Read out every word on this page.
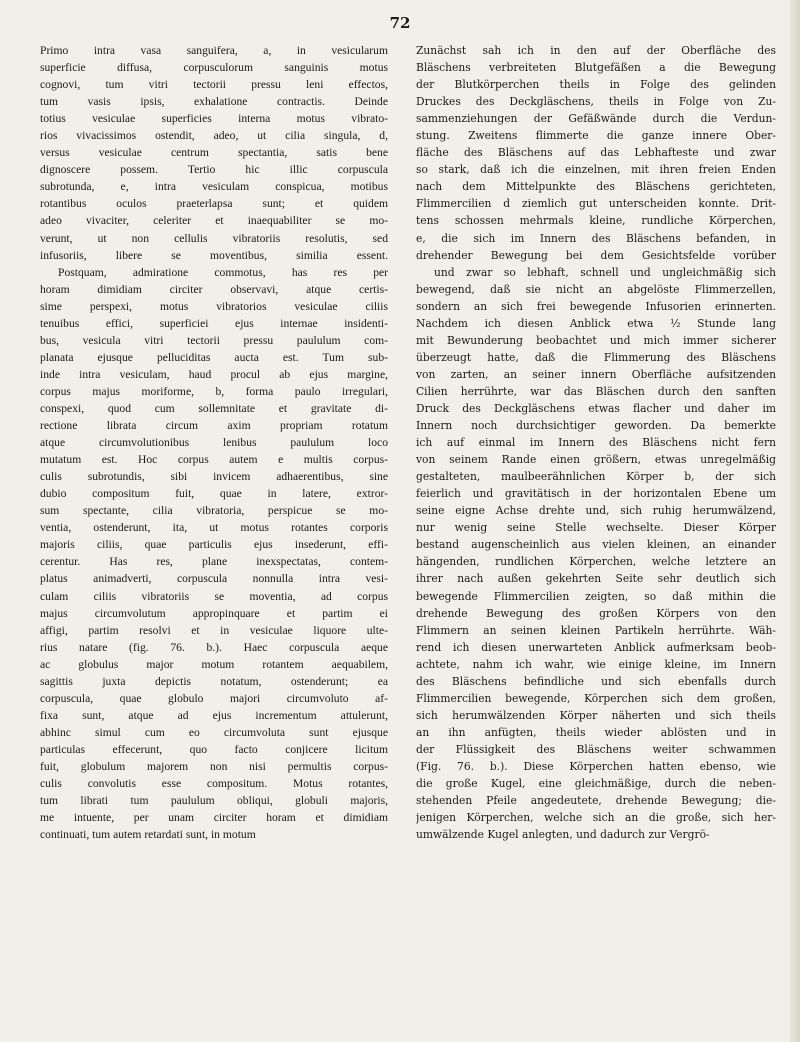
72
Primo intra vasa sanguifera, a, in vesicularum
superficie diffusa, corpusculorum sanguinis motus
cognovi, tum vitri tectorii pressu leni effectos,
tum vasis ipsis, exhalatione contractis. Deinde
totius vesiculae superficies interna motus vibrato-
rios vivacissimos ostendit, adeo, ut cilia singula, d,
versus vesiculae centrum spectantia, satis bene
dignoscere possem. Tertio hic illic corpuscula
subrotunda, e, intra vesiculam conspicua, motibus
rotantibus oculos praeterlapsa sunt; et quidem
adeo vivaciter, celeriter et inaequabiliter se mo-
verunt, ut non cellulis vibratoriis resolutis, sed
infusoriis, libere se moventibus, similia essent.
Postquam, admiratione commotus, has res per
horam dimidiam circiter observavi, atque certis-
sime perspexi, motus vibratorios vesiculae ciliis
tenuibus effici, superficiei ejus internae insidenti-
bus, vesicula vitri tectorii pressu paululum com-
planata ejusque pelluciditas aucta est. Tum sub-
inde intra vesiculam, haud procul ab ejus margine,
corpus majus moriforme, b, forma paulo irregulari,
conspexi, quod cum sollemnitate et gravitate di-
rectione librata circum axim propriam rotatum
atque circumvolutionibus lenibus paululum loco
mutatum est. Hoc corpus autem e multis corpus-
culis subrotundis, sibi invicem adhaerentibus, sine
dubio compositum fuit, quae in latere, extror-
sum spectante, cilia vibratoria, perspicue se mo-
ventia, ostenderunt, ita, ut motus rotantes corporis
majoris ciliis, quae particulis ejus insederunt, effi-
cerentur. Has res, plane inexspectatas, contem-
platus animadverti, corpuscula nonnulla intra vesi-
culam ciliis vibratoriis se moventia, ad corpus
majus circumvolutum appropinquare et partim ei
affigi, partim resolvi et in vesiculae liquore ulte-
rius natare (fig. 76. b.). Haec corpuscula aeque
ac globulus major motum rotantem aequabilem,
sagittis juxta depictis notatum, ostenderunt; ea
corpuscula, quae globulo majori circumvoluto af-
fixa sunt, atque ad ejus incrementum attulerunt,
abhinc simul cum eo circumvoluta sunt ejusque
particulas effecerunt, quo facto conjicere licitum
fuit, globulum majorem non nisi permultis corpus-
culis convolutis esse compositum. Motus rotantes,
tum librati tum paululum obliqui, globuli majoris,
me intuente, per unam circiter horam et dimidiam
continuati, tum autem retardati sunt, in motum
Zunächst sah ich in den auf der Oberfläche des
Bläschens verbreiteten Blutgefäßen a die Bewegung
der Blutkörperchen theils in Folge des gelinden
Druckes des Deckgläschens, theils in Folge von Zu-
sammenziehungen der Gefäßwände durch die Verdun-
stung. Zweitens flimmerte die ganze innere Ober-
fläche des Bläschens auf das Lebhafteste und zwar
so stark, daß ich die einzelnen, mit ihren freien Enden
nach dem Mittelpunkte des Bläschens gerichteten,
Flimmercilien d ziemlich gut unterscheiden konnte. Drit-
tens schossen mehrmals kleine, rundliche Körperchen,
e, die sich im Innern des Bläschens befanden, in
drehender Bewegung bei dem Gesichtsfelde vorüber
und zwar so lebhaft, schnell und ungleichmäßig sich
bewegend, daß sie nicht an abgelöste Flimmerzellen,
sondern an sich frei bewegende Infusorien erinnerten.
Nachdem ich diesen Anblick etwa ½ Stunde lang
mit Bewunderung beobachtet und mich immer sicherer
überzeugt hatte, daß die Flimmerung des Bläschens
von zarten, an seiner innern Oberfläche aufsitzenden
Cilien herrührte, war das Bläschen durch den sanften
Druck des Deckgläschens etwas flacher und daher im
Innern noch durchsichtiger geworden. Da bemerkte
ich auf einmal im Innern des Bläschens nicht fern
von seinem Rande einen größern, etwas unregelmäßig
gestalteten, maulbeerähnlichen Körper b, der sich
feierlich und gravitätisch in der horizontalen Ebene um
seine eigne Achse drehte und, sich ruhig herumwälzend,
nur wenig seine Stelle wechselte. Dieser Körper
bestand augenscheinlich aus vielen kleinen, an einander
hängenden, rundlichen Körperchen, welche letztere an
ihrer nach außen gekehrten Seite sehr deutlich sich
bewegende Flimmercilien zeigten, so daß mithin die
drehende Bewegung des großen Körpers von den
Flimmern an seinen kleinen Partikeln herrührte. Wäh-
rend ich diesen unerwarteten Anblick aufmerksam beob-
achtete, nahm ich wahr, wie einige kleine, im Innern
des Bläschens befindliche und sich ebenfalls durch
Flimmercilien bewegende, Körperchen sich dem großen,
sich herumwälzenden Körper näherten und sich theils
an ihn anfügten, theils wieder ablösten und in
der Flüssigkeit des Bläschens weiter schwammen
(Fig. 76. b.). Diese Körperchen hatten ebenso, wie
die große Kugel, eine gleichmäßige, durch die neben-
stehenden Pfeile angedeutete, drehende Bewegung; die-
jenigen Körperchen, welche sich an die große, sich her-
umwälzende Kugel anlegten, und dadurch zur Vergrö-
